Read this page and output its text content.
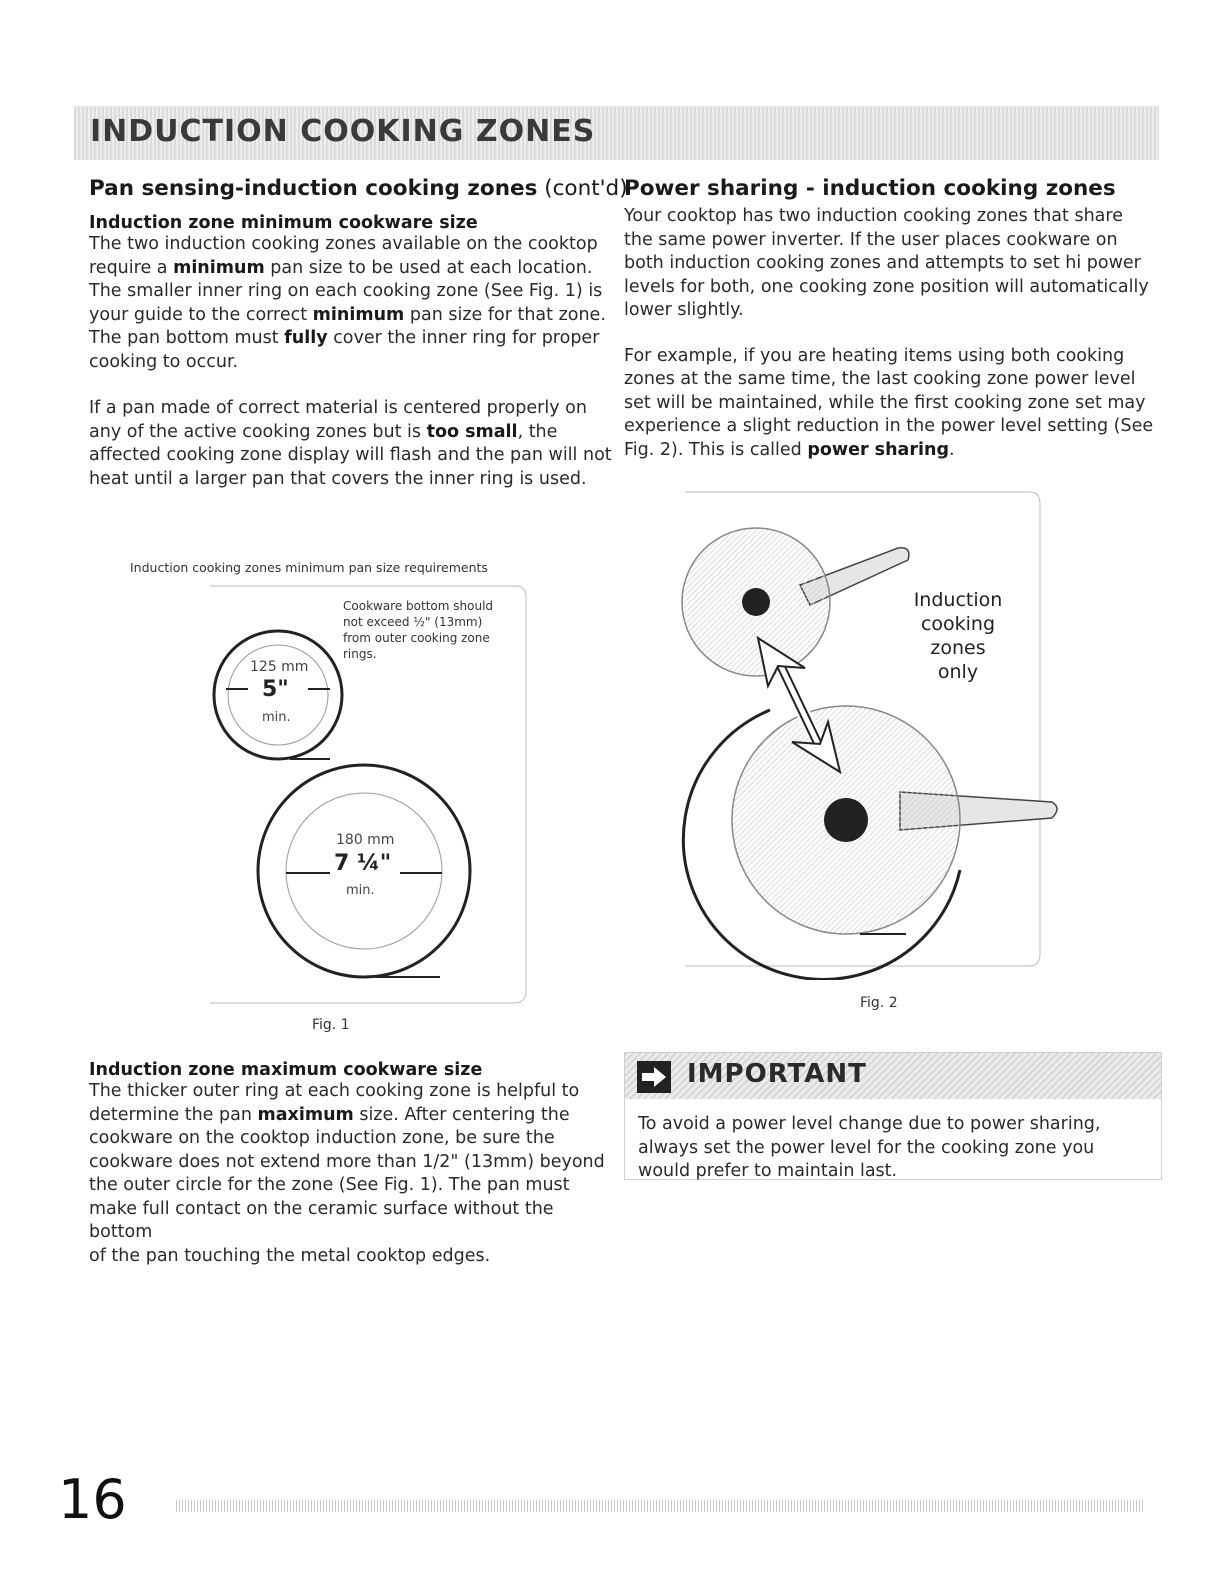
INDUCTION COOKING ZONES
Pan sensing-induction cooking zones (cont'd)
Induction zone minimum cookware size

The two induction cooking zones available on the cooktop
require a minimum pan size to be used at each location.
The smaller inner ring on each cooking zone (See Fig. 1) is
your guide to the correct minimum pan size for that zone.
The pan bottom must fully cover the inner ring for proper
cooking to occur.

If a pan made of correct material is centered properly on
any of the active cooking zones but is too small, the
affected cooking zone display will flash and the pan will not
heat until a larger pan that covers the inner ring is used.

Induction cooking zones minimum pan size requirements
Cookware bottom should
not exceed ½" (13mm)
from outer cooking zone
rings.
125 mm
5"
min.
180 mm
7 ¼"
min.
Fig. 1
Induction zone maximum cookware size

The thicker outer ring at each cooking zone is helpful to
determine the pan maximum size. After centering the
cookware on the cooktop induction zone, be sure the
cookware does not extend more than 1/2" (13mm) beyond
the outer circle for the zone (See Fig. 1). The pan must
make full contact on the ceramic surface without the bottom
of the pan touching the metal cooktop edges.

Power sharing - induction cooking zones

Your cooktop has two induction cooking zones that share
the same power inverter. If the user places cookware on
both induction cooking zones and attempts to set hi power
levels for both, one cooking zone position will automatically
lower slightly.

For example, if you are heating items using both cooking
zones at the same time, the last cooking zone power level
set will be maintained, while the first cooking zone set may
experience a slight reduction in the power level setting (See
Fig. 2). This is called power sharing.

Induction
cooking
zones
only
Fig. 2
IMPORTANT

To avoid a power level change due to power sharing,
always set the power level for the cooking zone you
would prefer to maintain last.

16
